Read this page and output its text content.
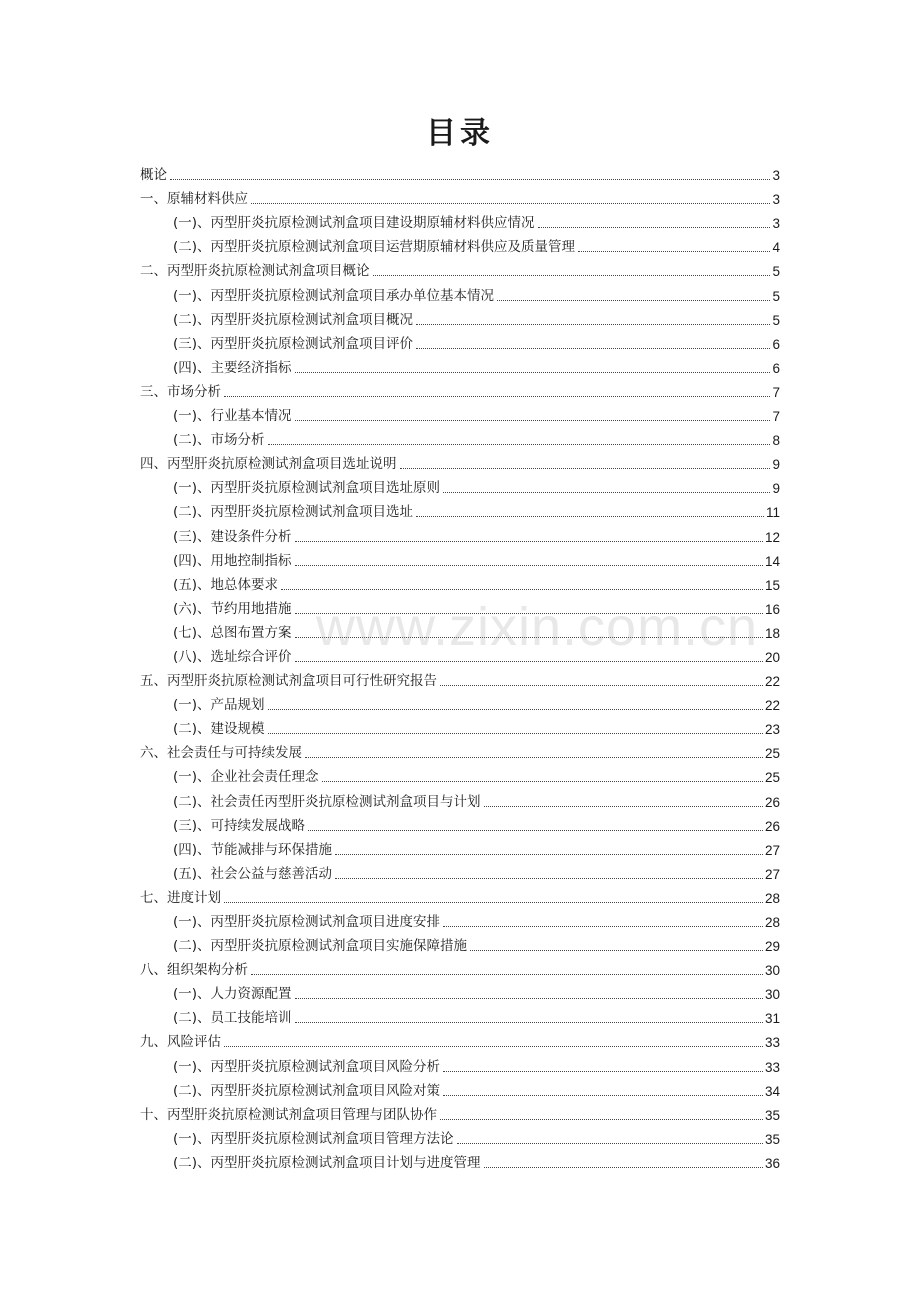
目录
概论	3
一、原辅材料供应	3
(一)、丙型肝炎抗原检测试剂盒项目建设期原辅材料供应情况	3
(二)、丙型肝炎抗原检测试剂盒项目运营期原辅材料供应及质量管理	4
二、丙型肝炎抗原检测试剂盒项目概论	5
(一)、丙型肝炎抗原检测试剂盒项目承办单位基本情况	5
(二)、丙型肝炎抗原检测试剂盒项目概况	5
(三)、丙型肝炎抗原检测试剂盒项目评价	6
(四)、主要经济指标	6
三、市场分析	7
(一)、行业基本情况	7
(二)、市场分析	8
四、丙型肝炎抗原检测试剂盒项目选址说明	9
(一)、丙型肝炎抗原检测试剂盒项目选址原则	9
(二)、丙型肝炎抗原检测试剂盒项目选址	11
(三)、建设条件分析	12
(四)、用地控制指标	14
(五)、地总体要求	15
(六)、节约用地措施	16
(七)、总图布置方案	18
(八)、选址综合评价	20
五、丙型肝炎抗原检测试剂盒项目可行性研究报告	22
(一)、产品规划	22
(二)、建设规模	23
六、社会责任与可持续发展	25
(一)、企业社会责任理念	25
(二)、社会责任丙型肝炎抗原检测试剂盒项目与计划	26
(三)、可持续发展战略	26
(四)、节能减排与环保措施	27
(五)、社会公益与慈善活动	27
七、进度计划	28
(一)、丙型肝炎抗原检测试剂盒项目进度安排	28
(二)、丙型肝炎抗原检测试剂盒项目实施保障措施	29
八、组织架构分析	30
(一)、人力资源配置	30
(二)、员工技能培训	31
九、风险评估	33
(一)、丙型肝炎抗原检测试剂盒项目风险分析	33
(二)、丙型肝炎抗原检测试剂盒项目风险对策	34
十、丙型肝炎抗原检测试剂盒项目管理与团队协作	35
(一)、丙型肝炎抗原检测试剂盒项目管理方法论	35
(二)、丙型肝炎抗原检测试剂盒项目计划与进度管理	36
www.zixin.com.cn
